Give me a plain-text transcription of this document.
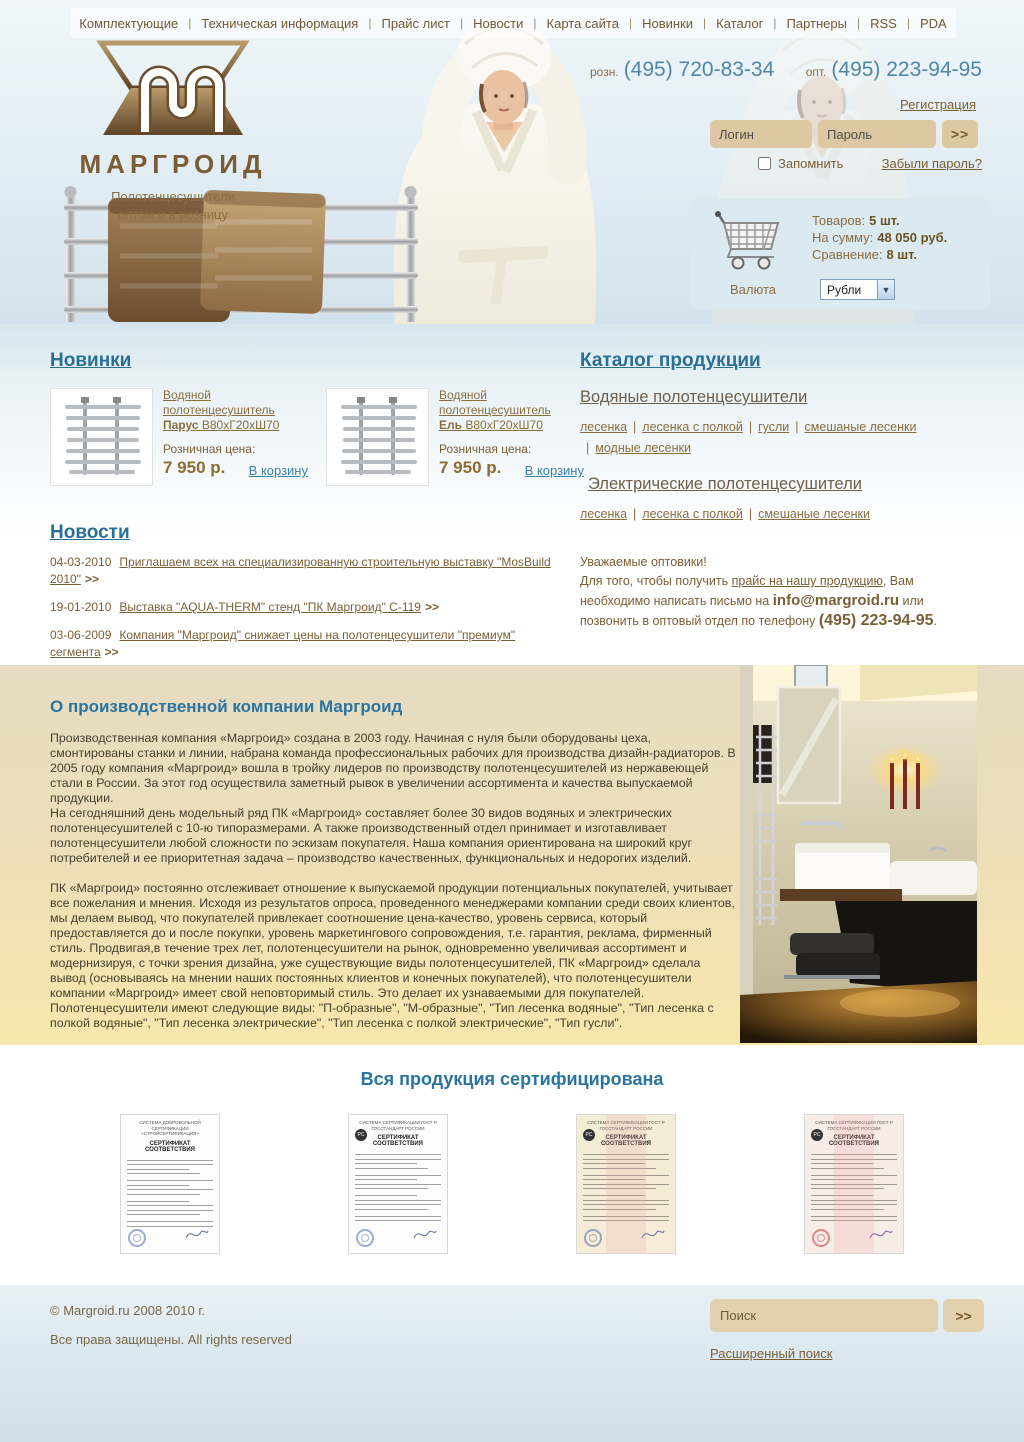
Комплектующие
|	Техническая информация
|	Прайс лист
|	Новости
|	Карта сайта
|	Новинки
|	Каталог
|	Партнеры
|	RSS
|	PDA
МАРГРОИД
Полотенцесушители
оптом и в розницу
розн. (495) 720-83-34	опт. (495) 223-94-95
Регистрация
Логин
Пароль
>>
Запомнить	Забыли пароль?
Товаров: 5 шт.
На сумму: 48 050 руб.
Сравнение: 8 шт.
Валюта	Рубли	▼
Новинки
Водяной
полотенцесушитель
Парус В80хГ20хШ70
Розничная цена:
7 950 р. В корзину
Водяной
полотенцесушитель
Ель В80хГ20хШ70
Розничная цена:
7 950 р. В корзину
Новости
04-03-2010 Приглашаем всех на специализированную строительную выставку "MosBuild 2010" >>
19-01-2010 Выставка "AQUA-THERM" стенд "ПК Маргроид" С-119 >>
03-06-2009 Компания "Маргроид" снижает цены на полотенцесушители "премиум" сегмента >>
Каталог продукции
Водяные полотенцесушители
лесенка | лесенка с полкой | гусли | смешаные лесенки
| модные лесенки
Электрические полотенцесушители
лесенка | лесенка с полкой | смешаные лесенки
Уважаемые оптовики!
Для того, чтобы получить прайс на нашу продукцию, Вам необходимо написать письмо на info@margroid.ru или позвонить в оптовый отдел по телефону (495) 223-94-95.
О производственной компании Маргроид

Производственная компания «Маргроид» создана в 2003 году. Начиная с нуля были оборудованы цеха, смонтированы станки и линии, набрана команда профессиональных рабочих для производства дизайн-радиаторов. В 2005 году компания «Маргроид» вошла в тройку лидеров по производству полотенцесушителей из нержавеющей стали в России. За этот год осуществила заметный рывок в увеличении ассортимента и качества выпускаемой продукции.

На сегодняшний день модельный ряд ПК «Маргроид» составляет более 30 видов водяных и электрических полотенцесушителей с 10-ю типоразмерами. А также производственный отдел принимает и изготавливает полотенцесушители любой сложности по эскизам покупателя. Наша компания ориентирована на широкий круг потребителей и ее приоритетная задача – производство качественных, функциональных и недорогих изделий.

ПК «Маргроид» постоянно отслеживает отношение к выпускаемой продукции потенциальных покупателей, учитывает все пожелания и мнения. Исходя из результатов опроса, проведенного менеджерами компании среди своих клиентов, мы делаем вывод, что покупателей привлекает соотношение цена-качество, уровень сервиса, который предоставляется до и после покупки, уровень маркетингового сопровождения, т.е. гарантия, реклама, фирменный стиль. Продвигая,в течение трех лет, полотенцесушители на рынок, одновременно увеличивая ассортимент и модернизируя, с точки зрения дизайна, уже существующие виды полотенцесушителей, ПК «Маргроид» сделала вывод (основываясь на мнении наших постоянных клиентов и конечных покупателей), что полотенцесушители компании «Маргроид» имеет свой неповторимый стиль. Это делает их узнаваемыми для покупателей. Полотенцесушители имеют следующие виды: "П-образные", "М-образные", "Тип лесенка водяные", "Тип лесенка с полкой водяные", "Тип лесенка электрические", "Тип лесенка с полкой электрические", "Тип гусли".

Вся продукция сертифицирована
СИСТЕМА ДОБРОВОЛЬНОЙ СЕРТИФИКАЦИИ «СТРОЙСЕРТИФИКАЦИЯ»
СЕРТИФИКАТ СООТВЕТСТВИЯ
РС
СИСТЕМА СЕРТИФИКАЦИИ ГОСТ Р ГОССТАНДАРТ РОССИИ
СЕРТИФИКАТ СООТВЕТСТВИЯ
РС
СИСТЕМА СЕРТИФИКАЦИИ ГОСТ Р ГОССТАНДАРТ РОССИИ
СЕРТИФИКАТ СООТВЕТСТВИЯ
РС
СИСТЕМА СЕРТИФИКАЦИИ ГОСТ Р ГОССТАНДАРТ РОССИИ
СЕРТИФИКАТ СООТВЕТСТВИЯ
© Margroid.ru 2008 2010 г.
Все права защищены. All rights reserved
Поиск
>>
Расширенный поиск
